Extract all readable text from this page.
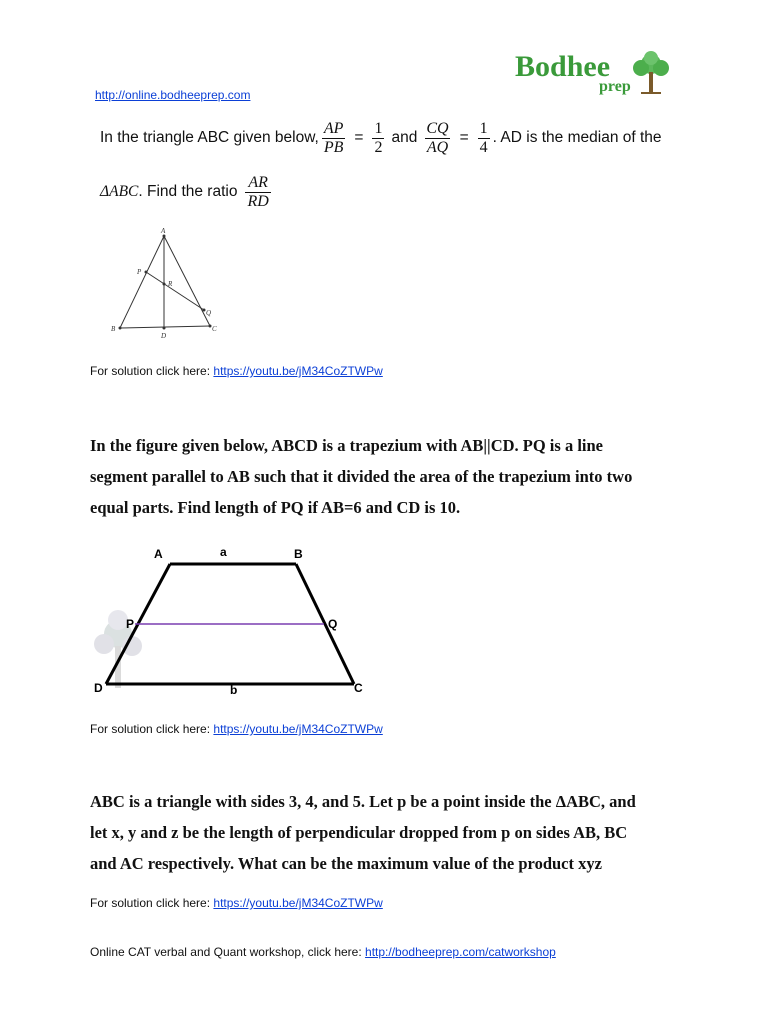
http://online.bodheeprep.com
Bodhee
prep
In the triangle ABC given below, $\frac{AP}{PB} = \frac{1}{2}$ and $\frac{CQ}{AQ} = \frac{1}{4}$ . AD is the median of the
ΔABC . Find the ratio $\frac{AR}{RD}$
A
P
R
Q
B
D
C
For solution click here: https://youtu.be/jM34CoZTWPw
In the figure given below, ABCD is a trapezium with AB||CD. PQ is a line
segment parallel to AB such that it divided the area of the trapezium into two
equal parts. Find length of PQ if AB=6 and CD is 10.
A	a	B
P	Q
D	b	C
For solution click here: https://youtu.be/jM34CoZTWPw
ABC is a triangle with sides 3, 4, and 5. Let p be a point inside the ΔABC, and
let x, y and z be the length of perpendicular dropped from p on sides AB, BC
and AC respectively. What can be the maximum value of the product xyz
For solution click here: https://youtu.be/jM34CoZTWPw
Online CAT verbal and Quant workshop, click here: http://bodheeprep.com/catworkshop
